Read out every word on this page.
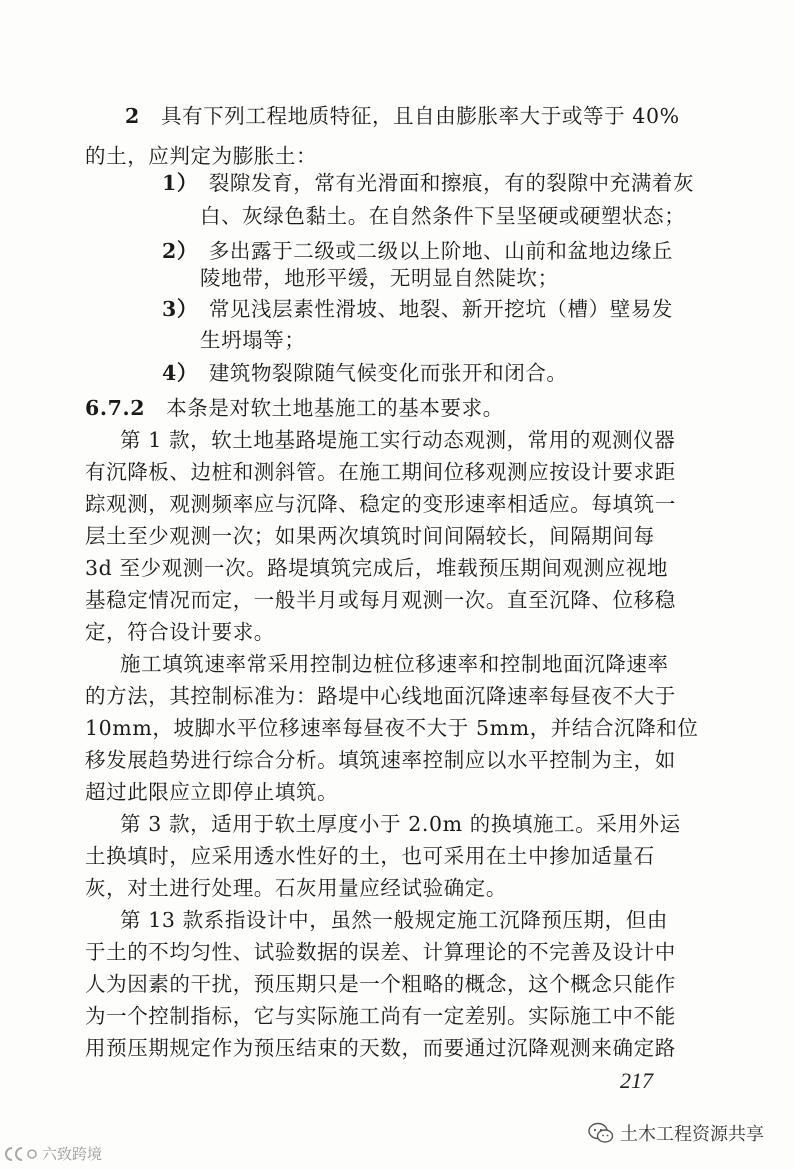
2  具有下列工程地质特征，且自由膨胀率大于或等于 40%
的土，应判定为膨胀土：
1）  裂隙发育，常有光滑面和擦痕，有的裂隙中充满着灰
白、灰绿色黏土。在自然条件下呈坚硬或硬塑状态；
2）  多出露于二级或二级以上阶地、山前和盆地边缘丘
陵地带，地形平缓，无明显自然陡坎；
3）  常见浅层素性滑坡、地裂、新开挖坑（槽）壁易发
生坍塌等；
4）  建筑物裂隙随气候变化而张开和闭合。
6.7.2  本条是对软土地基施工的基本要求。
第 1 款，软土地基路堤施工实行动态观测，常用的观测仪器
有沉降板、边桩和测斜管。在施工期间位移观测应按设计要求距
踪观测，观测频率应与沉降、稳定的变形速率相适应。每填筑一
层土至少观测一次；如果两次填筑时间间隔较长，间隔期间每
3d 至少观测一次。路堤填筑完成后，堆载预压期间观测应视地
基稳定情况而定，一般半月或每月观测一次。直至沉降、位移稳
定，符合设计要求。
施工填筑速率常采用控制边桩位移速率和控制地面沉降速率
的方法，其控制标准为：路堤中心线地面沉降速率每昼夜不大于
10mm，坡脚水平位移速率每昼夜不大于 5mm，并结合沉降和位
移发展趋势进行综合分析。填筑速率控制应以水平控制为主，如
超过此限应立即停止填筑。
第 3 款，适用于软土厚度小于 2.0m 的换填施工。采用外运
土换填时，应采用透水性好的土，也可采用在土中掺加适量石
灰，对土进行处理。石灰用量应经试验确定。
第 13 款系指设计中，虽然一般规定施工沉降预压期，但由
于土的不均匀性、试验数据的误差、计算理论的不完善及设计中
人为因素的干扰，预压期只是一个粗略的概念，这个概念只能作
为一个控制指标，它与实际施工尚有一定差别。实际施工中不能
用预压期规定作为预压结束的天数，而要通过沉降观测来确定路
217
土木工程资源共享
六致跨境
